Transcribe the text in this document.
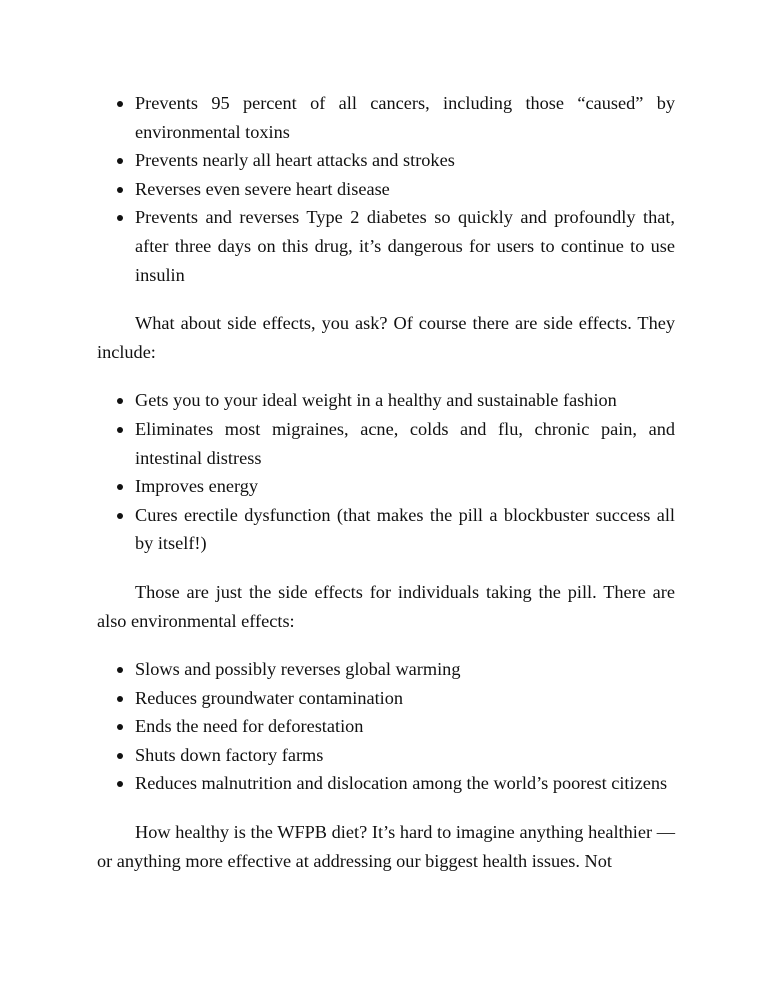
Prevents 95 percent of all cancers, including those “caused” by environmental toxins
Prevents nearly all heart attacks and strokes
Reverses even severe heart disease
Prevents and reverses Type 2 diabetes so quickly and profoundly that, after three days on this drug, it’s dangerous for users to continue to use insulin

What about side effects, you ask? Of course there are side effects. They include:

Gets you to your ideal weight in a healthy and sustainable fashion
Eliminates most migraines, acne, colds and flu, chronic pain, and intestinal distress
Improves energy
Cures erectile dysfunction (that makes the pill a blockbuster success all by itself!)

Those are just the side effects for individuals taking the pill. There are also environmental effects:

Slows and possibly reverses global warming
Reduces groundwater contamination
Ends the need for deforestation
Shuts down factory farms
Reduces malnutrition and dislocation among the world’s poorest citizens

How healthy is the WFPB diet? It’s hard to imagine anything healthier — or anything more effective at addressing our biggest health issues. Not
